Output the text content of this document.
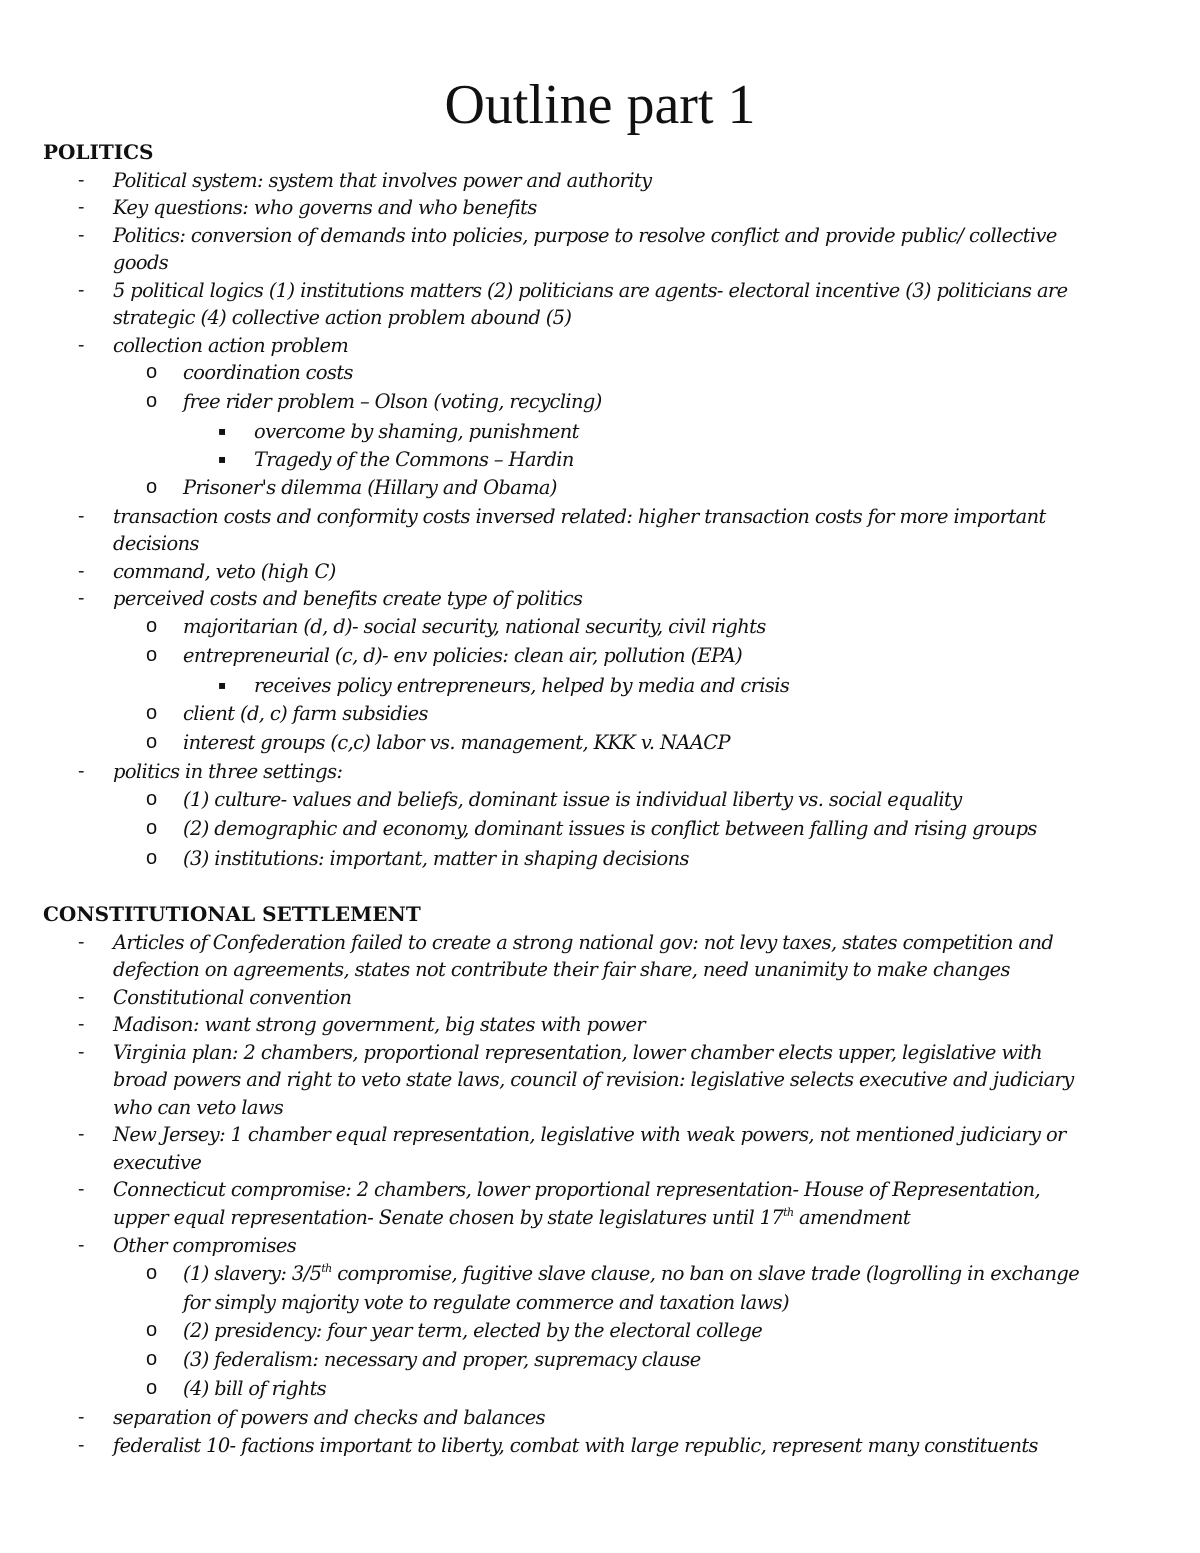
Outline part 1
POLITICS
- Political system: system that involves power and authority
- Key questions: who governs and who benefits
- Politics: conversion of demands into policies, purpose to resolve conflict and provide public/ collective
goods
- 5 political logics (1) institutions matters (2) politicians are agents- electoral incentive (3) politicians are
strategic (4) collective action problem abound (5)
- collection action problem
o coordination costs
o free rider problem – Olson (voting, recycling)
▪ overcome by shaming, punishment
▪ Tragedy of the Commons – Hardin
o Prisoner's dilemma (Hillary and Obama)
- transaction costs and conformity costs inversed related: higher transaction costs for more important
decisions
- command, veto (high C)
- perceived costs and benefits create type of politics
o majoritarian (d, d)- social security, national security, civil rights
o entrepreneurial (c, d)- env policies: clean air, pollution (EPA)
▪ receives policy entrepreneurs, helped by media and crisis
o client (d, c) farm subsidies
o interest groups (c,c) labor vs. management, KKK v. NAACP
- politics in three settings:
o (1) culture- values and beliefs, dominant issue is individual liberty vs. social equality
o (2) demographic and economy, dominant issues is conflict between falling and rising groups
o (3) institutions: important, matter in shaping decisions
CONSTITUTIONAL SETTLEMENT
- Articles of Confederation failed to create a strong national gov: not levy taxes, states competition and
defection on agreements, states not contribute their fair share, need unanimity to make changes
- Constitutional convention
- Madison: want strong government, big states with power
- Virginia plan: 2 chambers, proportional representation, lower chamber elects upper, legislative with
broad powers and right to veto state laws, council of revision: legislative selects executive and judiciary
who can veto laws
- New Jersey: 1 chamber equal representation, legislative with weak powers, not mentioned judiciary or
executive
- Connecticut compromise: 2 chambers, lower proportional representation- House of Representation,
upper equal representation- Senate chosen by state legislatures until 17th amendment
- Other compromises
o (1) slavery: 3/5th compromise, fugitive slave clause, no ban on slave trade (logrolling in exchange
for simply majority vote to regulate commerce and taxation laws)
o (2) presidency: four year term, elected by the electoral college
o (3) federalism: necessary and proper, supremacy clause
o (4) bill of rights
- separation of powers and checks and balances
- federalist 10- factions important to liberty, combat with large republic, represent many constituents
